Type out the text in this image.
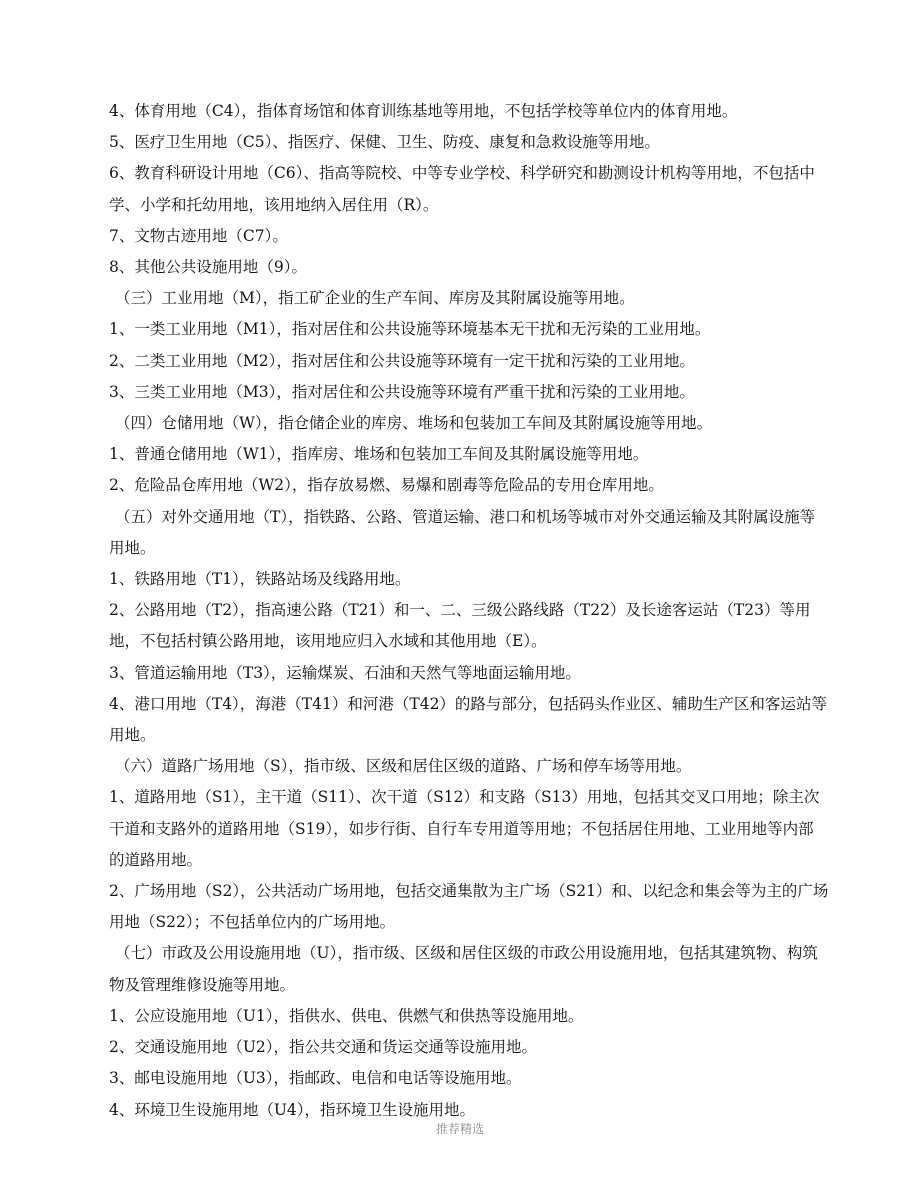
4、体育用地（C4），指体育场馆和体育训练基地等用地，不包括学校等单位内的体育用地。

5、医疗卫生用地（C5）、指医疗、保健、卫生、防疫、康复和急救设施等用地。

6、教育科研设计用地（C6）、指高等院校、中等专业学校、科学研究和勘测设计机构等用地，不包括中学、小学和托幼用地，该用地纳入居住用（R）。

7、文物古迹用地（C7）。

8、其他公共设施用地（9）。

（三）工业用地（M），指工矿企业的生产车间、库房及其附属设施等用地。

1、一类工业用地（M1），指对居住和公共设施等环境基本无干扰和无污染的工业用地。

2、二类工业用地（M2），指对居住和公共设施等环境有一定干扰和污染的工业用地。

3、三类工业用地（M3），指对居住和公共设施等环境有严重干扰和污染的工业用地。

（四）仓储用地（W），指仓储企业的库房、堆场和包装加工车间及其附属设施等用地。

1、普通仓储用地（W1），指库房、堆场和包装加工车间及其附属设施等用地。

2、危险品仓库用地（W2），指存放易燃、易爆和剧毒等危险品的专用仓库用地。

（五）对外交通用地（T），指铁路、公路、管道运输、港口和机场等城市对外交通运输及其附属设施等用地。

1、铁路用地（T1），铁路站场及线路用地。

2、公路用地（T2），指高速公路（T21）和一、二、三级公路线路（T22）及长途客运站（T23）等用地，不包括村镇公路用地，该用地应归入水域和其他用地（E）。

3、管道运输用地（T3），运输煤炭、石油和天然气等地面运输用地。

4、港口用地（T4），海港（T41）和河港（T42）的路与部分，包括码头作业区、辅助生产区和客运站等用地。

（六）道路广场用地（S），指市级、区级和居住区级的道路、广场和停车场等用地。

1、道路用地（S1），主干道（S11）、次干道（S12）和支路（S13）用地，包括其交叉口用地；除主次干道和支路外的道路用地（S19），如步行街、自行车专用道等用地；不包括居住用地、工业用地等内部的道路用地。

2、广场用地（S2），公共活动广场用地，包括交通集散为主广场（S21）和、以纪念和集会等为主的广场用地（S22）；不包括单位内的广场用地。

（七）市政及公用设施用地（U），指市级、区级和居住区级的市政公用设施用地，包括其建筑物、构筑物及管理维修设施等用地。

1、公应设施用地（U1），指供水、供电、供燃气和供热等设施用地。

2、交通设施用地（U2），指公共交通和货运交通等设施用地。

3、邮电设施用地（U3），指邮政、电信和电话等设施用地。

4、环境卫生设施用地（U4），指环境卫生设施用地。

推荐精选
